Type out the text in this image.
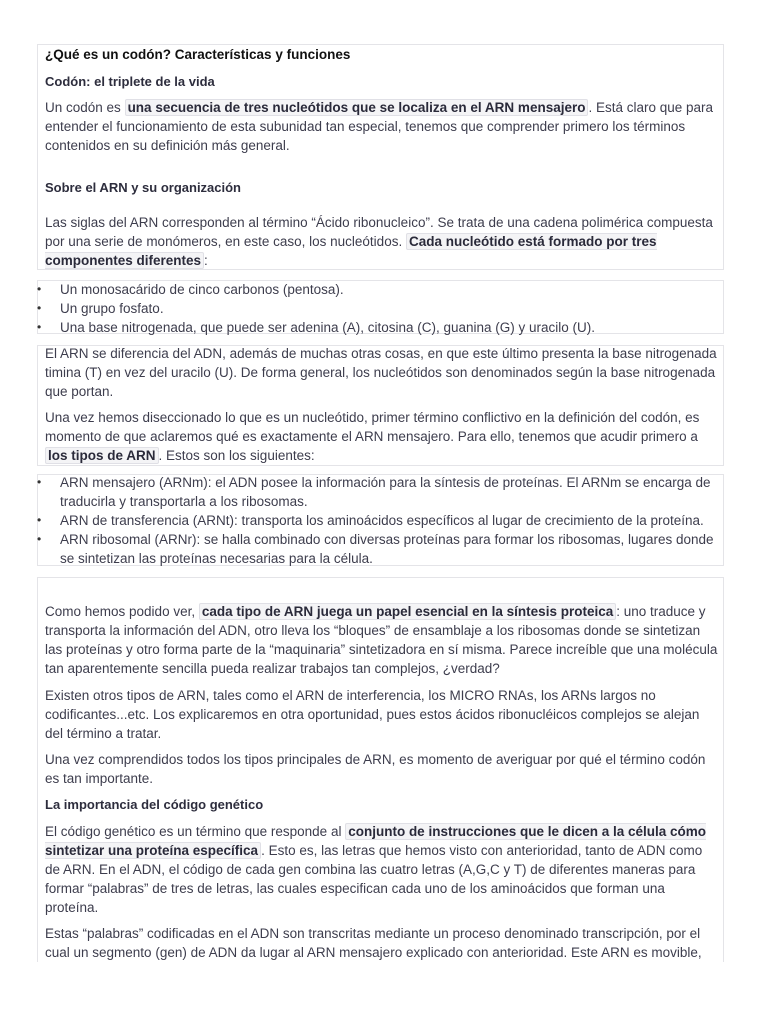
¿Qué es un codón? Características y funciones
Codón: el triplete de la vida

Un codón es una secuencia de tres nucleótidos que se localiza en el ARN mensajero . Está claro que para entender el funcionamiento de esta subunidad tan especial, tenemos que comprender primero los términos contenidos en su definición más general.

Sobre el ARN y su organización

Las siglas del ARN corresponden al término “Ácido ribonucleico”. Se trata de una cadena polimérica compuesta por una serie de monómeros, en este caso, los nucleótidos. Cada nucleótido está formado por tres componentes diferentes :

• Un monosacárido de cinco carbonos (pentosa).
• Un grupo fosfato.
• Una base nitrogenada, que puede ser adenina (A), citosina (C), guanina (G) y uracilo (U).

El ARN se diferencia del ADN, además de muchas otras cosas, en que este último presenta la base nitrogenada timina (T) en vez del uracilo (U). De forma general, los nucleótidos son denominados según la base nitrogenada que portan.

Una vez hemos diseccionado lo que es un nucleótido, primer término conflictivo en la definición del codón, es momento de que aclaremos qué es exactamente el ARN mensajero. Para ello, tenemos que acudir primero a los tipos de ARN . Estos son los siguientes:

• ARN mensajero (ARNm): el ADN posee la información para la síntesis de proteínas. El ARNm se encarga de traducirla y transportarla a los ribosomas.
• ARN de transferencia (ARNt): transporta los aminoácidos específicos al lugar de crecimiento de la proteína.
• ARN ribosomal (ARNr): se halla combinado con diversas proteínas para formar los ribosomas, lugares donde se sintetizan las proteínas necesarias para la célula.

Como hemos podido ver, cada tipo de ARN juega un papel esencial en la síntesis proteica : uno traduce y transporta la información del ADN, otro lleva los “bloques” de ensamblaje a los ribosomas donde se sintetizan las proteínas y otro forma parte de la “maquinaria” sintetizadora en sí misma. Parece increíble que una molécula tan aparentemente sencilla pueda realizar trabajos tan complejos, ¿verdad?

Existen otros tipos de ARN, tales como el ARN de interferencia, los MICRO RNAs, los ARNs largos no codificantes...etc. Los explicaremos en otra oportunidad, pues estos ácidos ribonucléicos complejos se alejan del término a tratar.

Una vez comprendidos todos los tipos principales de ARN, es momento de averiguar por qué el término codón es tan importante.

La importancia del código genético

El código genético es un término que responde al conjunto de instrucciones que le dicen a la célula cómo sintetizar una proteína específica . Esto es, las letras que hemos visto con anterioridad, tanto de ADN como de ARN. En el ADN, el código de cada gen combina las cuatro letras (A,G,C y T) de diferentes maneras para formar “palabras” de tres de letras, las cuales especifican cada uno de los aminoácidos que forman una proteína.

Estas “palabras” codificadas en el ADN son transcritas mediante un proceso denominado transcripción, por el cual un segmento (gen) de ADN da lugar al ARN mensajero explicado con anterioridad. Este ARN es movible,
